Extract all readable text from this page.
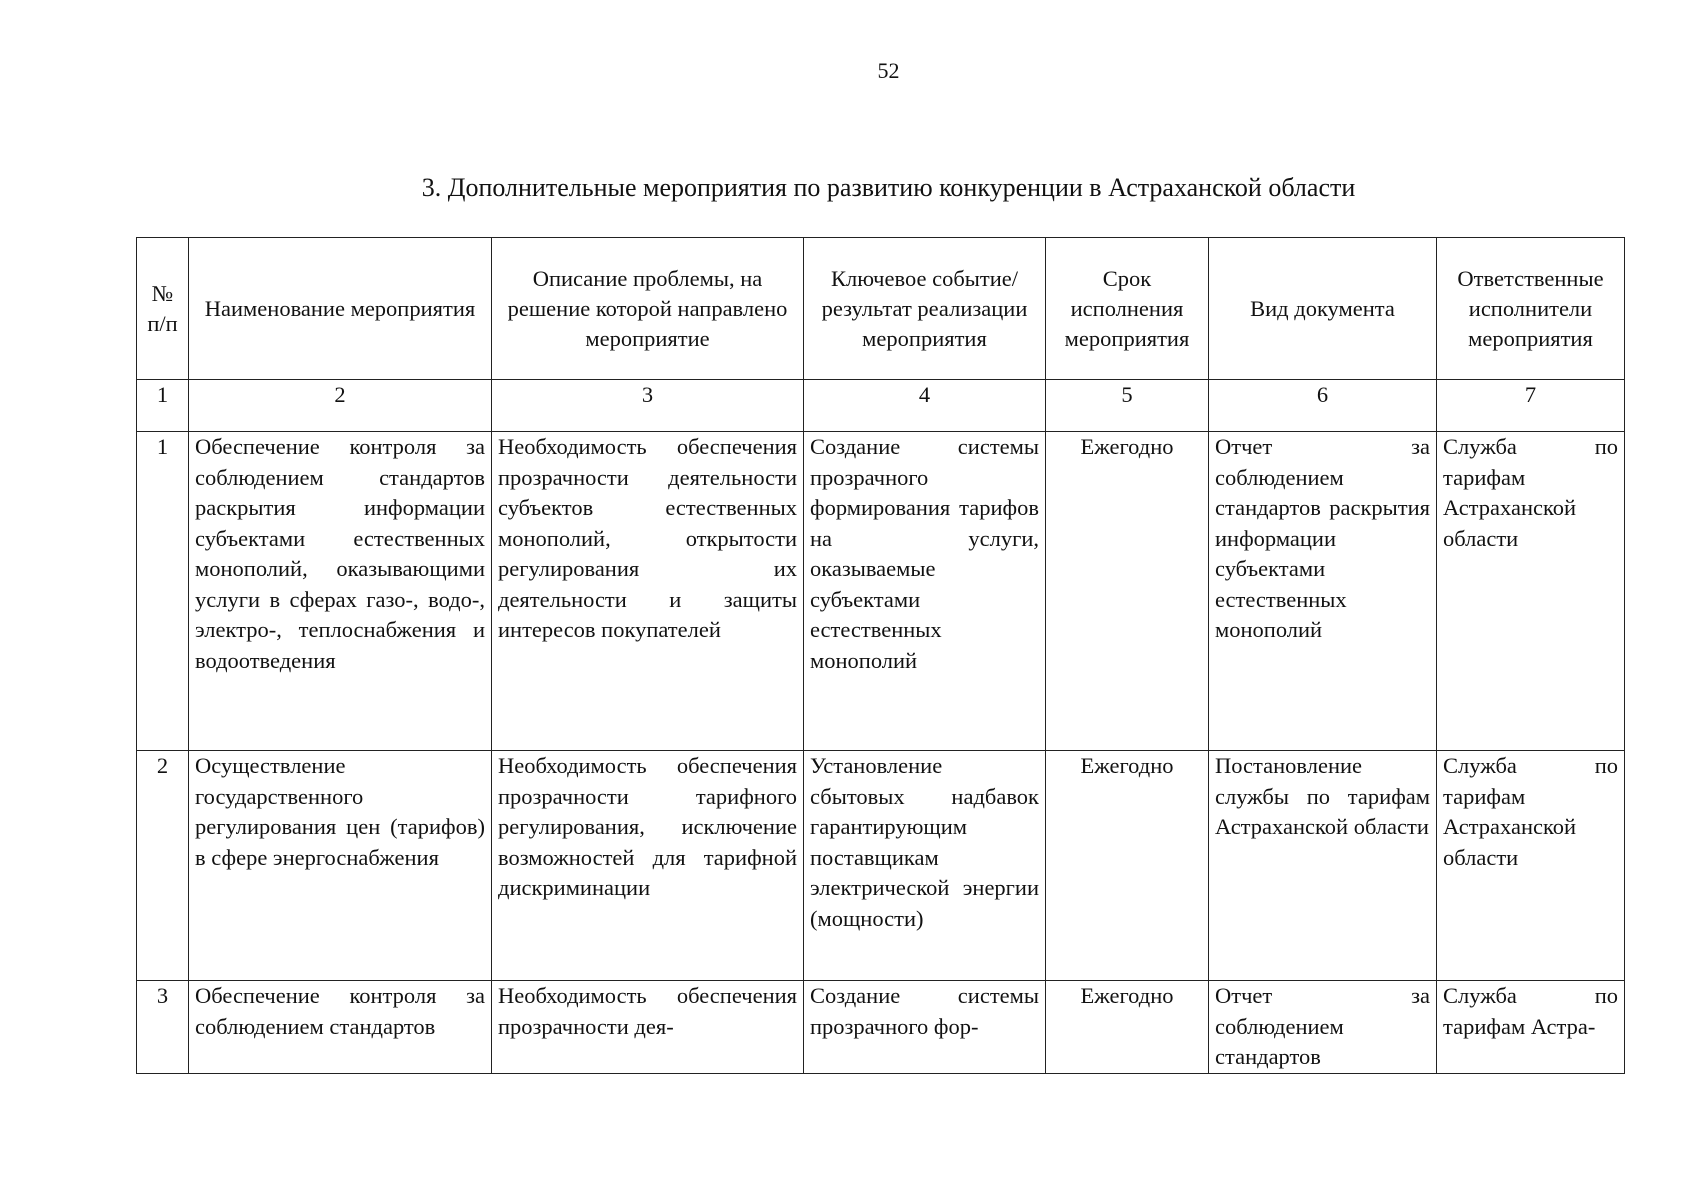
52
3. Дополнительные мероприятия по развитию конкуренции в Астраханской области
№ п/п	Наименование мероприятия	Описание проблемы, на решение которой направлено мероприятие	Ключевое событие/результат реализации мероприятия	Срок исполнения мероприятия	Вид документа	Ответственные исполнители мероприятия
1	2	3	4	5	6	7
1	Обеспечение контроля за соблюдением стандартов раскрытия информации субъектами естественных монополий, оказывающими услуги в сферах газо-, водо-, электро-, теплоснабжения и водоотведения	Необходимость обеспечения прозрачности деятельности субъектов естественных монополий, открытости регулирования их деятельности и защиты интересов покупателей	Создание системы прозрачного формирования тарифов на услуги, оказываемые субъектами естественных монополий	Ежегодно	Отчет за соблюдением стандартов раскрытия информации субъектами естественных монополий	Служба по тарифам Астраханской области
2	Осуществление государственного регулирования цен (тарифов) в сфере энергоснабжения	Необходимость обеспечения прозрачности тарифного регулирования, исключение возможностей для тарифной дискриминации	Установление сбытовых надбавок гарантирующим поставщикам электрической энергии (мощности)	Ежегодно	Постановление службы по тарифам Астраханской области	Служба по тарифам Астраханской области
3	Обеспечение контроля за соблюдением стандартов	Необходимость обеспечения прозрачности дея-	Создание системы прозрачного фор-	Ежегодно	Отчет за соблюдением стандартов	Служба по тарифам Астра-
